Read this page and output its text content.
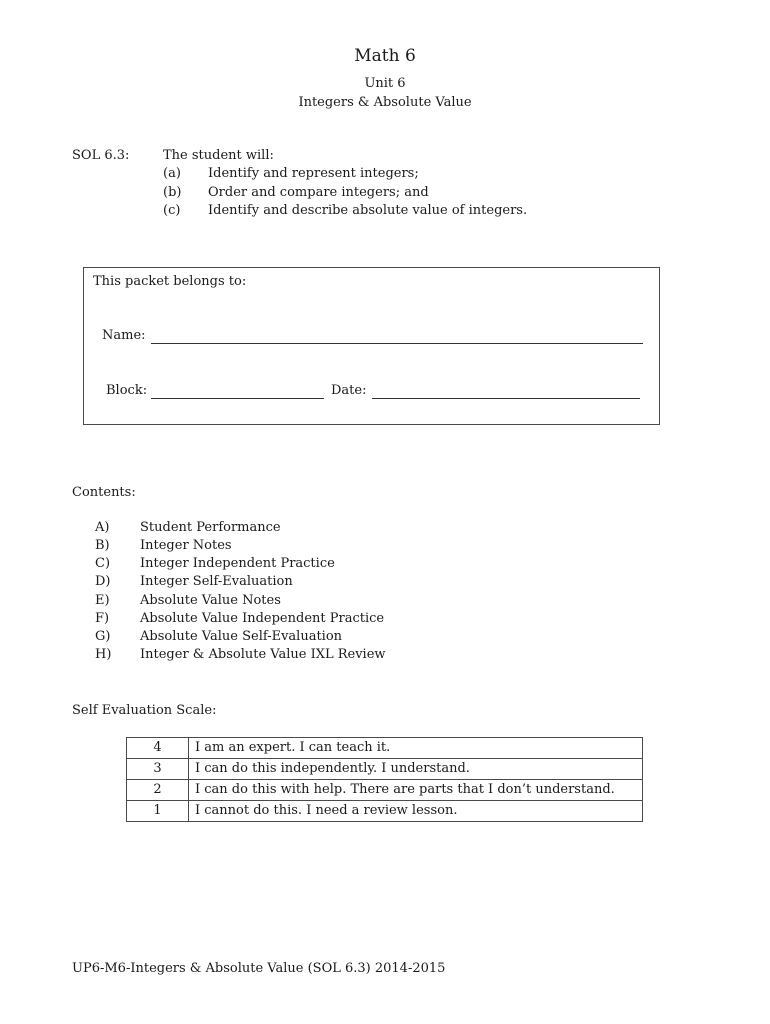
Math 6
Unit 6
Integers & Absolute Value
SOL 6.3:	The student will:
(a) Identify and represent integers;
(b) Order and compare integers; and
(c) Identify and describe absolute value of integers.
This packet belongs to:
Name:
Block:	Date:
Contents:
A) Student Performance
B) Integer Notes
C) Integer Independent Practice
D) Integer Self-Evaluation
E) Absolute Value Notes
F) Absolute Value Independent Practice
G) Absolute Value Self-Evaluation
H) Integer & Absolute Value IXL Review
Self Evaluation Scale:
4	I am an expert. I can teach it.
3	I can do this independently. I understand.
2	I can do this with help. There are parts that I don’t understand.
1	I cannot do this. I need a review lesson.
UP6-M6-Integers & Absolute Value (SOL 6.3) 2014-2015
